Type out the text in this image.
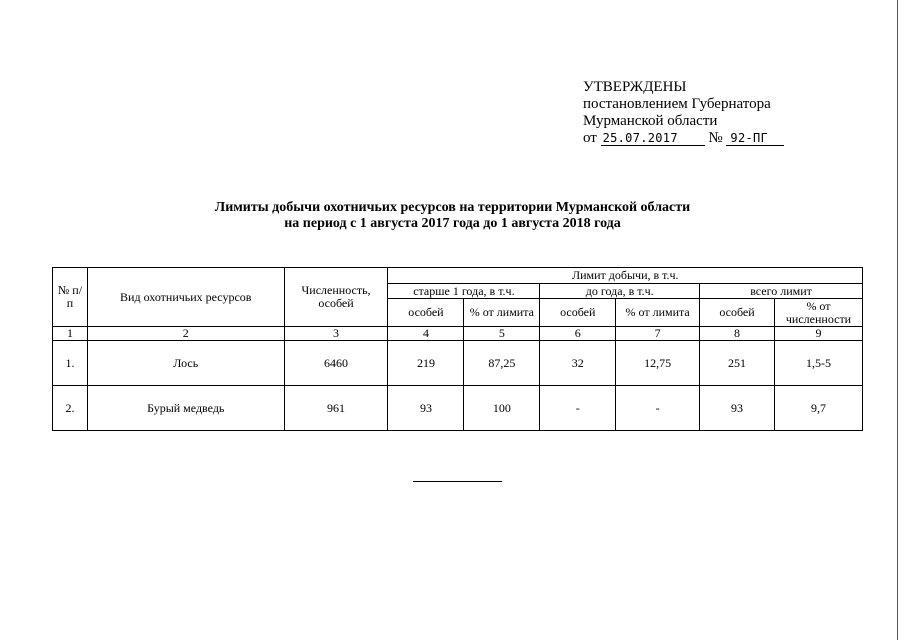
УТВЕРЖДЕНЫ
постановлением Губернатора
Мурманской области
от 25.07.2017 № 92-ПГ
Лимиты добычи охотничьих ресурсов на территории Мурманской области
на период с 1 августа 2017 года до 1 августа 2018 года
№ п/п	Вид охотничьих ресурсов	Численность, особей	Лимит добычи, в т.ч.					
			старше 1 года, в т.ч.		до года, в т.ч.		всего лимит	
			особей	% от лимита	особей	% от лимита	особей	% от численности
1	2	3	4	5	6	7	8	9
1.	Лось	6460	219	87,25	32	12,75	251	1,5-5
2.	Бурый медведь	961	93	100	-	-	93	9,7
